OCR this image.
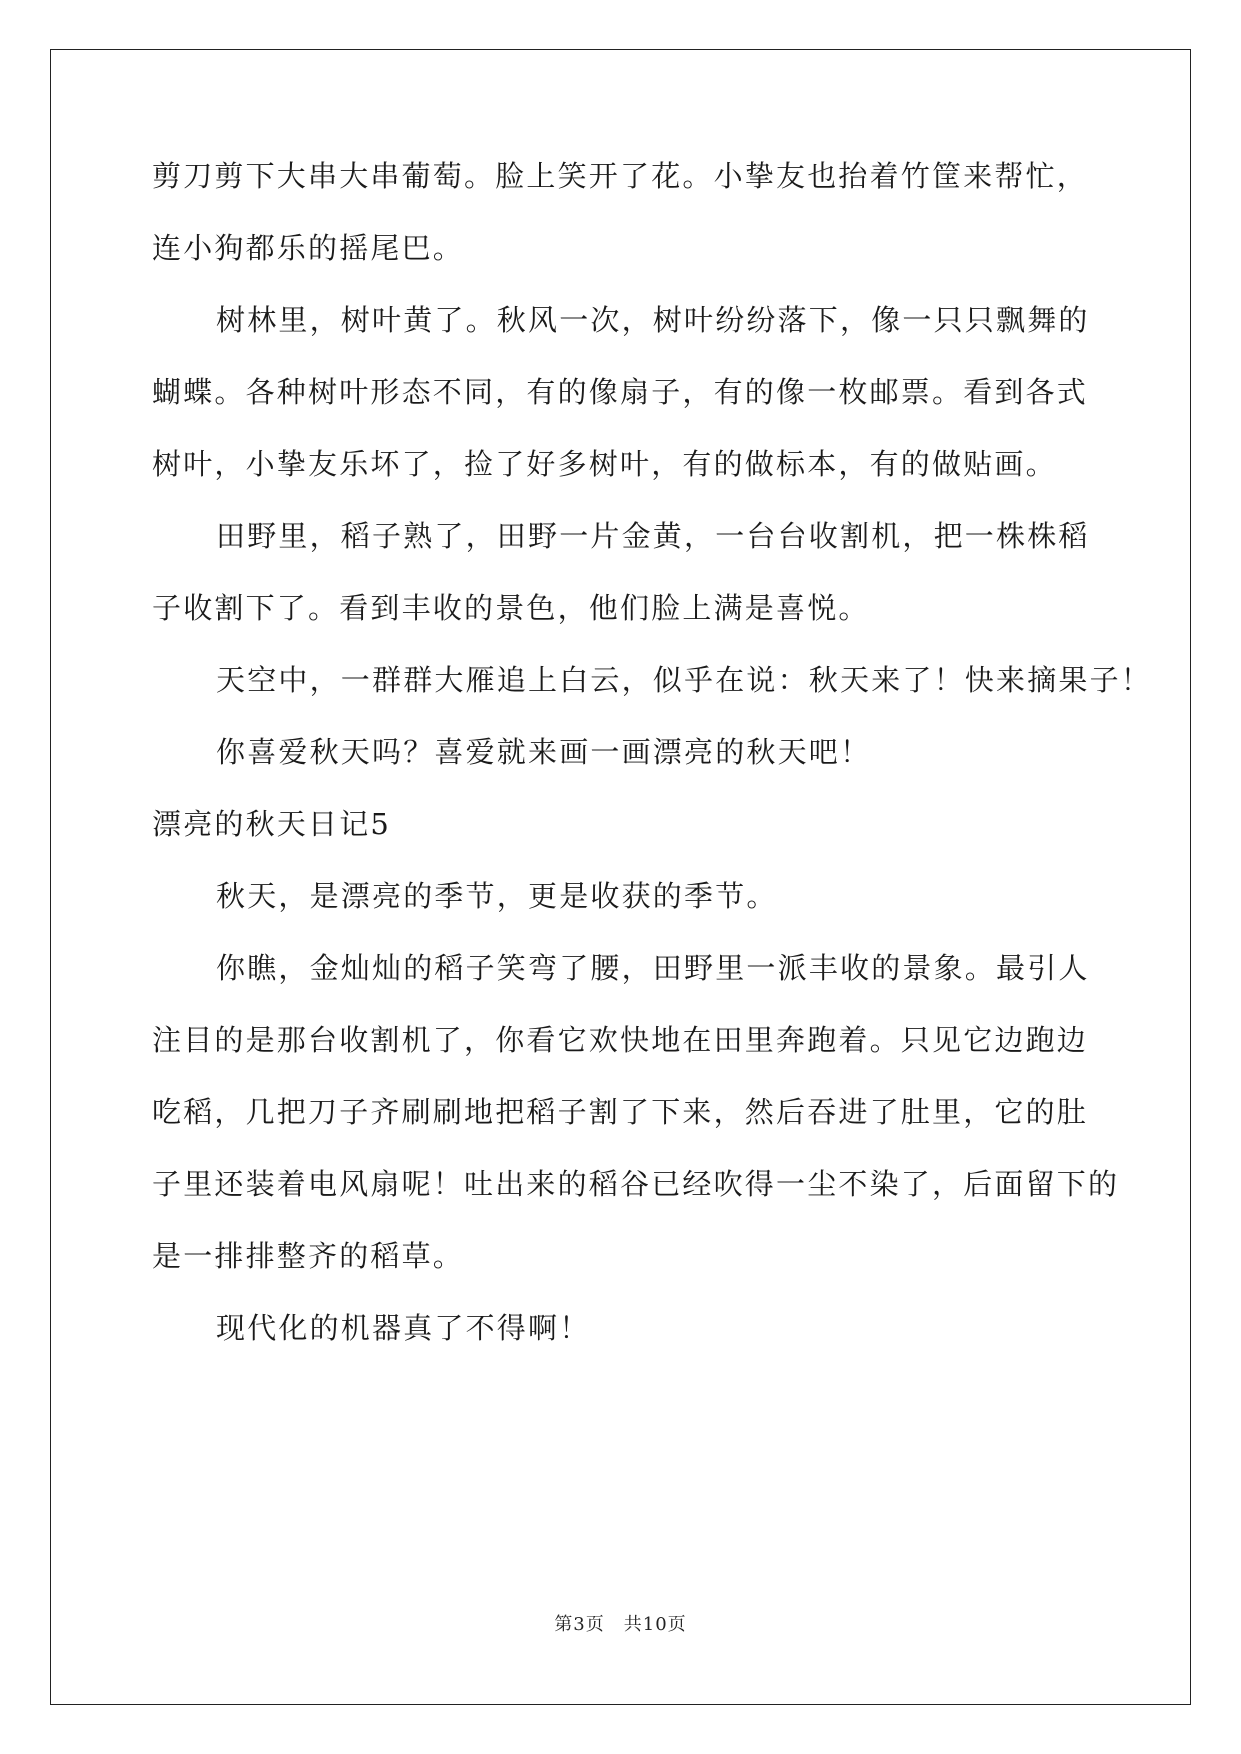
剪刀剪下大串大串葡萄。脸上笑开了花。小挚友也抬着竹筐来帮忙，
连小狗都乐的摇尾巴。
树林里，树叶黄了。秋风一次，树叶纷纷落下，像一只只飘舞的
蝴蝶。各种树叶形态不同，有的像扇子，有的像一枚邮票。看到各式
树叶，小挚友乐坏了，捡了好多树叶，有的做标本，有的做贴画。
田野里，稻子熟了，田野一片金黄，一台台收割机，把一株株稻
子收割下了。看到丰收的景色，他们脸上满是喜悦。
天空中，一群群大雁追上白云，似乎在说：秋天来了！快来摘果子！
你喜爱秋天吗？喜爱就来画一画漂亮的秋天吧！
漂亮的秋天日记5
秋天，是漂亮的季节，更是收获的季节。
你瞧，金灿灿的稻子笑弯了腰，田野里一派丰收的景象。最引人
注目的是那台收割机了，你看它欢快地在田里奔跑着。只见它边跑边
吃稻，几把刀子齐刷刷地把稻子割了下来，然后吞进了肚里，它的肚
子里还装着电风扇呢！吐出来的稻谷已经吹得一尘不染了，后面留下的
是一排排整齐的稻草。
现代化的机器真了不得啊！
第3页　共10页
